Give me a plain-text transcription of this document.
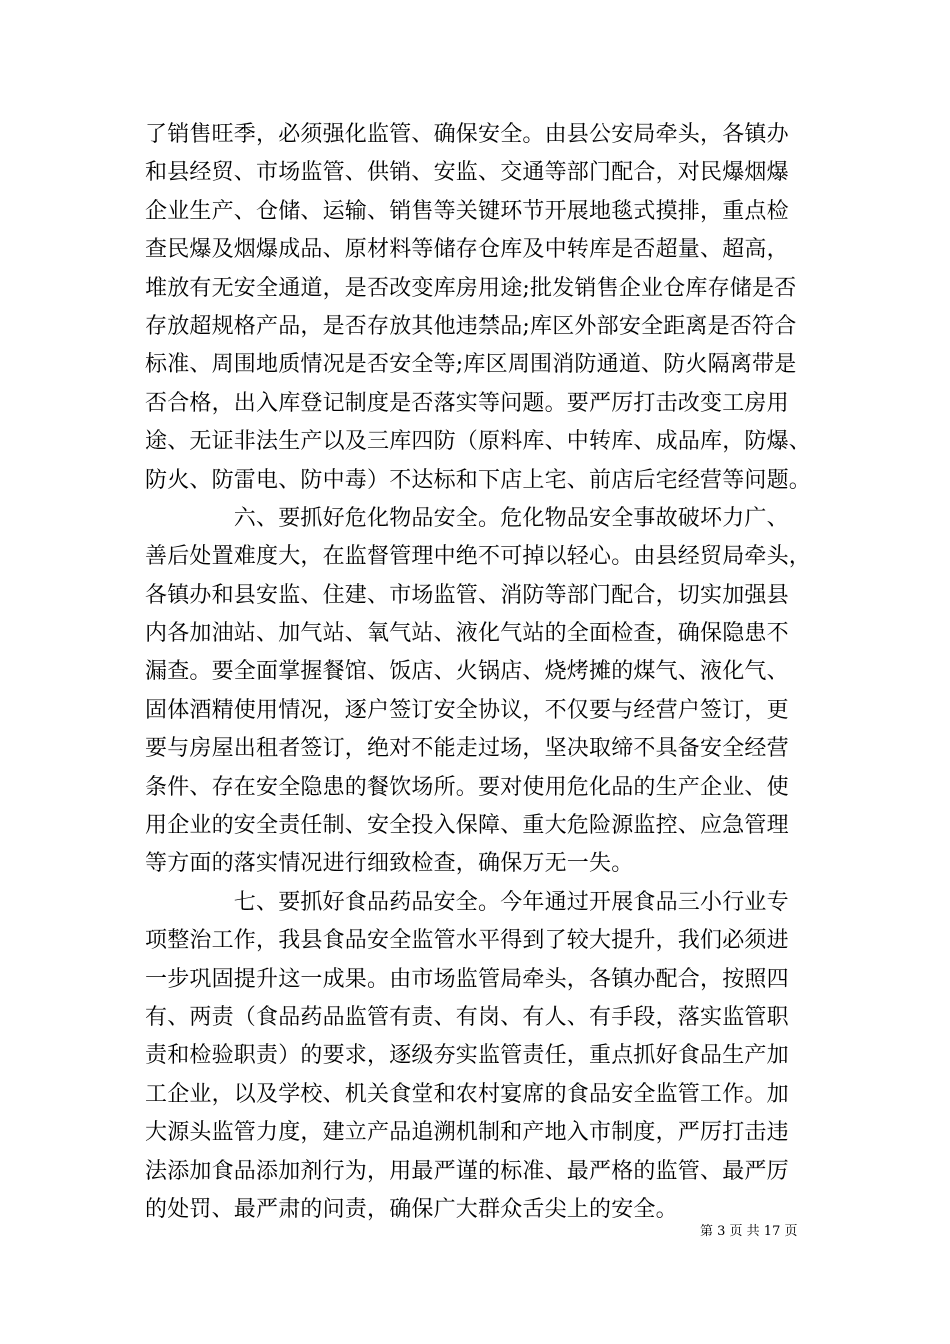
了销售旺季，必须强化监管、确保安全。由县公安局牵头，各镇办
和县经贸、市场监管、供销、安监、交通等部门配合，对民爆烟爆
企业生产、仓储、运输、销售等关键环节开展地毯式摸排，重点检
查民爆及烟爆成品、原材料等储存仓库及中转库是否超量、超高，
堆放有无安全通道，是否改变库房用途;批发销售企业仓库存储是否
存放超规格产品，是否存放其他违禁品;库区外部安全距离是否符合
标准、周围地质情况是否安全等;库区周围消防通道、防火隔离带是
否合格，出入库登记制度是否落实等问题。要严厉打击改变工房用
途、无证非法生产以及三库四防（原料库、中转库、成品库，防爆、
防火、防雷电、防中毒）不达标和下店上宅、前店后宅经营等问题。
　　　　六、要抓好危化物品安全。危化物品安全事故破坏力广、
善后处置难度大，在监督管理中绝不可掉以轻心。由县经贸局牵头，
各镇办和县安监、住建、市场监管、消防等部门配合，切实加强县
内各加油站、加气站、氧气站、液化气站的全面检查，确保隐患不
漏查。要全面掌握餐馆、饭店、火锅店、烧烤摊的煤气、液化气、
固体酒精使用情况，逐户签订安全协议，不仅要与经营户签订，更
要与房屋出租者签订，绝对不能走过场，坚决取缔不具备安全经营
条件、存在安全隐患的餐饮场所。要对使用危化品的生产企业、使
用企业的安全责任制、安全投入保障、重大危险源监控、应急管理
等方面的落实情况进行细致检查，确保万无一失。
　　　　七、要抓好食品药品安全。今年通过开展食品三小行业专
项整治工作，我县食品安全监管水平得到了较大提升，我们必须进
一步巩固提升这一成果。由市场监管局牵头，各镇办配合，按照四
有、两责（食品药品监管有责、有岗、有人、有手段，落实监管职
责和检验职责）的要求，逐级夯实监管责任，重点抓好食品生产加
工企业，以及学校、机关食堂和农村宴席的食品安全监管工作。加
大源头监管力度，建立产品追溯机制和产地入市制度，严厉打击违
法添加食品添加剂行为，用最严谨的标准、最严格的监管、最严厉
的处罚、最严肃的问责，确保广大群众舌尖上的安全。
第 3 页 共 17 页
